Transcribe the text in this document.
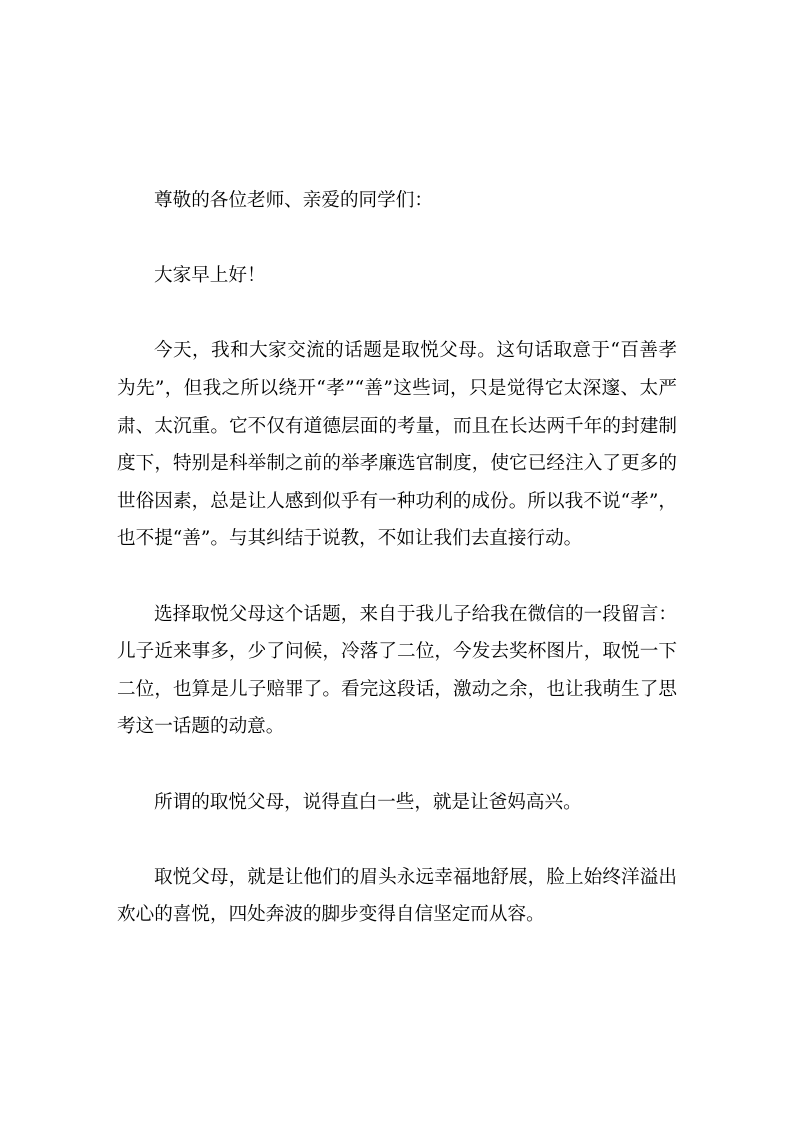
尊敬的各位老师、亲爱的同学们：

大家早上好！

今天，我和大家交流的话题是取悦父母。这句话取意于“百善孝为先”，但我之所以绕开“孝”“善”这些词，只是觉得它太深邃、太严肃、太沉重。它不仅有道德层面的考量，而且在长达两千年的封建制度下，特别是科举制之前的举孝廉选官制度，使它已经注入了更多的世俗因素，总是让人感到似乎有一种功利的成份。所以我不说“孝”，也不提“善”。与其纠结于说教，不如让我们去直接行动。

选择取悦父母这个话题，来自于我儿子给我在微信的一段留言：儿子近来事多，少了问候，冷落了二位，今发去奖杯图片，取悦一下二位，也算是儿子赔罪了。看完这段话，激动之余，也让我萌生了思考这一话题的动意。

所谓的取悦父母，说得直白一些，就是让爸妈高兴。

取悦父母，就是让他们的眉头永远幸福地舒展，脸上始终洋溢出欢心的喜悦，四处奔波的脚步变得自信坚定而从容。
